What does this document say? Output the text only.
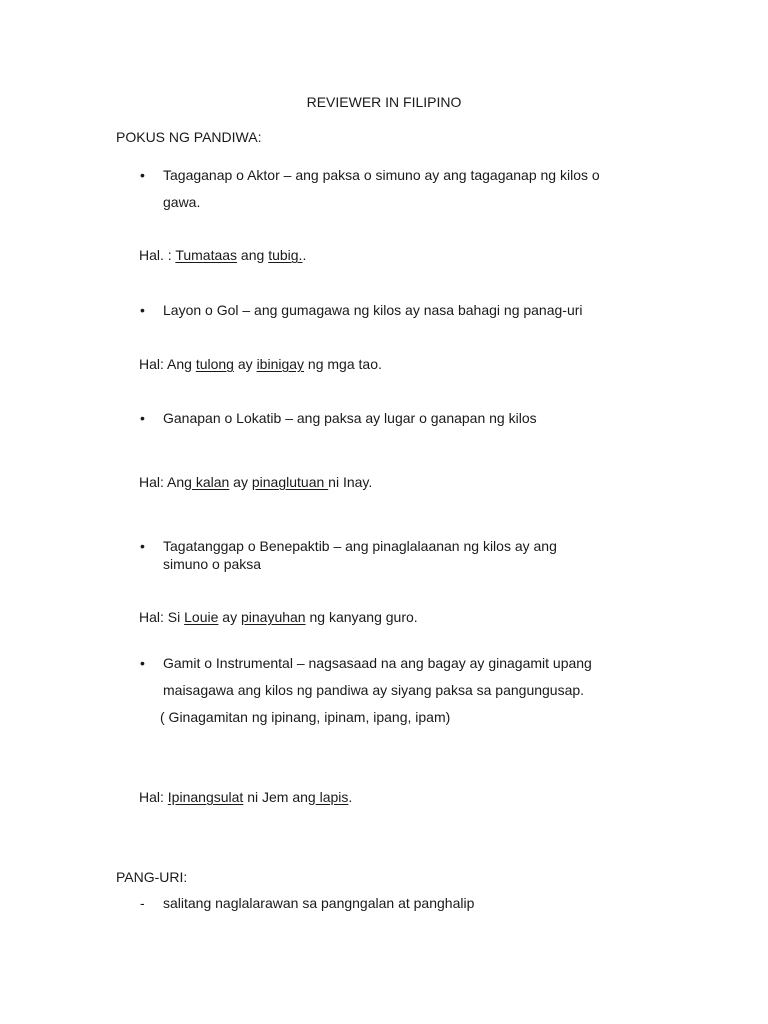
REVIEWER IN FILIPINO
POKUS NG PANDIWA:
• Tagaganap o Aktor – ang paksa o simuno ay ang tagaganap ng kilos o
gawa.
Hal. : Tumataas ang tubig..
• Layon o Gol – ang gumagawa ng kilos ay nasa bahagi ng panag-uri
Hal: Ang tulong ay ibinigay ng mga tao.
• Ganapan o Lokatib – ang paksa ay lugar o ganapan ng kilos
Hal: Ang kalan ay pinaglutuan ni Inay.
• Tagatanggap o Benepaktib – ang pinaglalaanan ng kilos ay ang
simuno o paksa
Hal: Si Louie ay pinayuhan ng kanyang guro.
• Gamit o Instrumental – nagsasaad na ang bagay ay ginagamit upang
maisagawa ang kilos ng pandiwa ay siyang paksa sa pangungusap.
( Ginagamitan ng ipinang, ipinam, ipang, ipam)
Hal: Ipinangsulat ni Jem ang lapis.
PANG-URI:
- salitang naglalarawan sa pangngalan at panghalip
